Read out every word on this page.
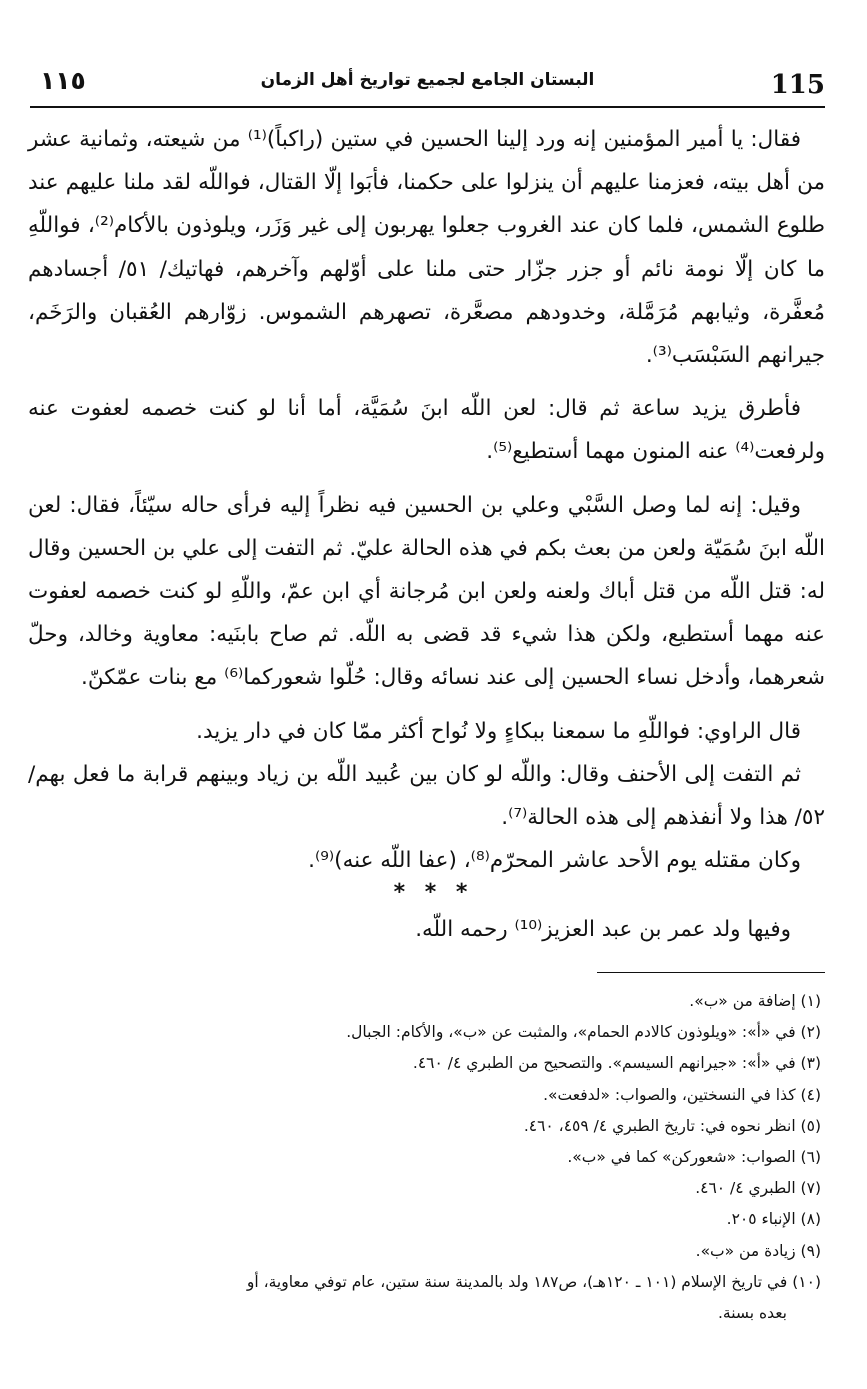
115
البستان الجامع لجميع تواريخ أهل الزمان
١١٥

فقال: يا أمير المؤمنين إنه ورد إلينا الحسين في ستين (راكباً)⁽¹⁾ من شيعته، وثمانية عشر من أهل بيته، فعزمنا عليهم أن ينزلوا على حكمنا، فأبَوا إلّا القتال، فواللّه لقد ملنا عليهم عند طلوع الشمس، فلما كان عند الغروب جعلوا يهربون إلى غير وَزَر، ويلوذون بالأكام⁽²⁾، فواللّهِ ما كان إلّا نومة نائم أو جزر جزّار حتى ملنا على أوّلهم وآخرهم، فهاتيك/ ٥١/ أجسادهم مُعفَّرة، وثيابهم مُرَمَّلة، وخدودهم مصعَّرة، تصهرهم الشموس. زوّارهم العُقبان والرَخَم، جيرانهم السَبْسَب⁽³⁾.

فأطرق يزيد ساعة ثم قال: لعن اللّه ابنَ سُمَيَّة، أما أنا لو كنت خصمه لعفوت عنه ولرفعت⁽⁴⁾ عنه المنون مهما أستطيع⁽⁵⁾.

وقيل: إنه لما وصل السَّبْي وعلي بن الحسين فيه نظراً إليه فرأى حاله سيّئاً، فقال: لعن اللّه ابنَ سُمَيّة ولعن من بعث بكم في هذه الحالة عليّ. ثم التفت إلى علي بن الحسين وقال له: قتل اللّه من قتل أباك ولعنه ولعن ابن مُرجانة أي ابن عمّ، واللّهِ لو كنت خصمه لعفوت عنه مهما أستطيع، ولكن هذا شيء قد قضى به اللّه. ثم صاح بابنَيه: معاوية وخالد، وحلّ شعرهما، وأدخل نساء الحسين إلى عند نسائه وقال: حُلّوا شعوركما⁽⁶⁾ مع بنات عمّكنّ.

قال الراوي: فواللّهِ ما سمعنا ببكاءٍ ولا نُواح أكثر ممّا كان في دار يزيد.

ثم التفت إلى الأحنف وقال: واللّه لو كان بين عُبيد اللّه بن زياد وبينهم قرابة ما فعل بهم/ ٥٢/ هذا ولا أنفذهم إلى هذه الحالة⁽⁷⁾.

وكان مقتله يوم الأحد عاشر المحرّم⁽⁸⁾، (عفا اللّه عنه)⁽⁹⁾.

* * *
وفيها ولد عمر بن عبد العزيز⁽¹⁰⁾ رحمه اللّه.

(١) إضافة من «ب».

(٢) في «أ»: «ويلوذون كالادم الحمام»، والمثبت عن «ب»، والأكام: الجبال.

(٣) في «أ»: «جيرانهم السيسم». والتصحيح من الطبري ٤/ ٤٦٠.

(٤) كذا في النسختين، والصواب: «لدفعت».

(٥) انظر نحوه في: تاريخ الطبري ٤/ ٤٥٩، ٤٦٠.

(٦) الصواب: «شعوركن» كما في «ب».

(٧) الطبري ٤/ ٤٦٠.

(٨) الإنباء ٢٠٥.

(٩) زيادة من «ب».

(١٠) في تاريخ الإسلام (١٠١ ـ ١٢٠هـ)، ص١٨٧ ولد بالمدينة سنة ستين، عام توفي معاوية، أو

بعده بسنة.
